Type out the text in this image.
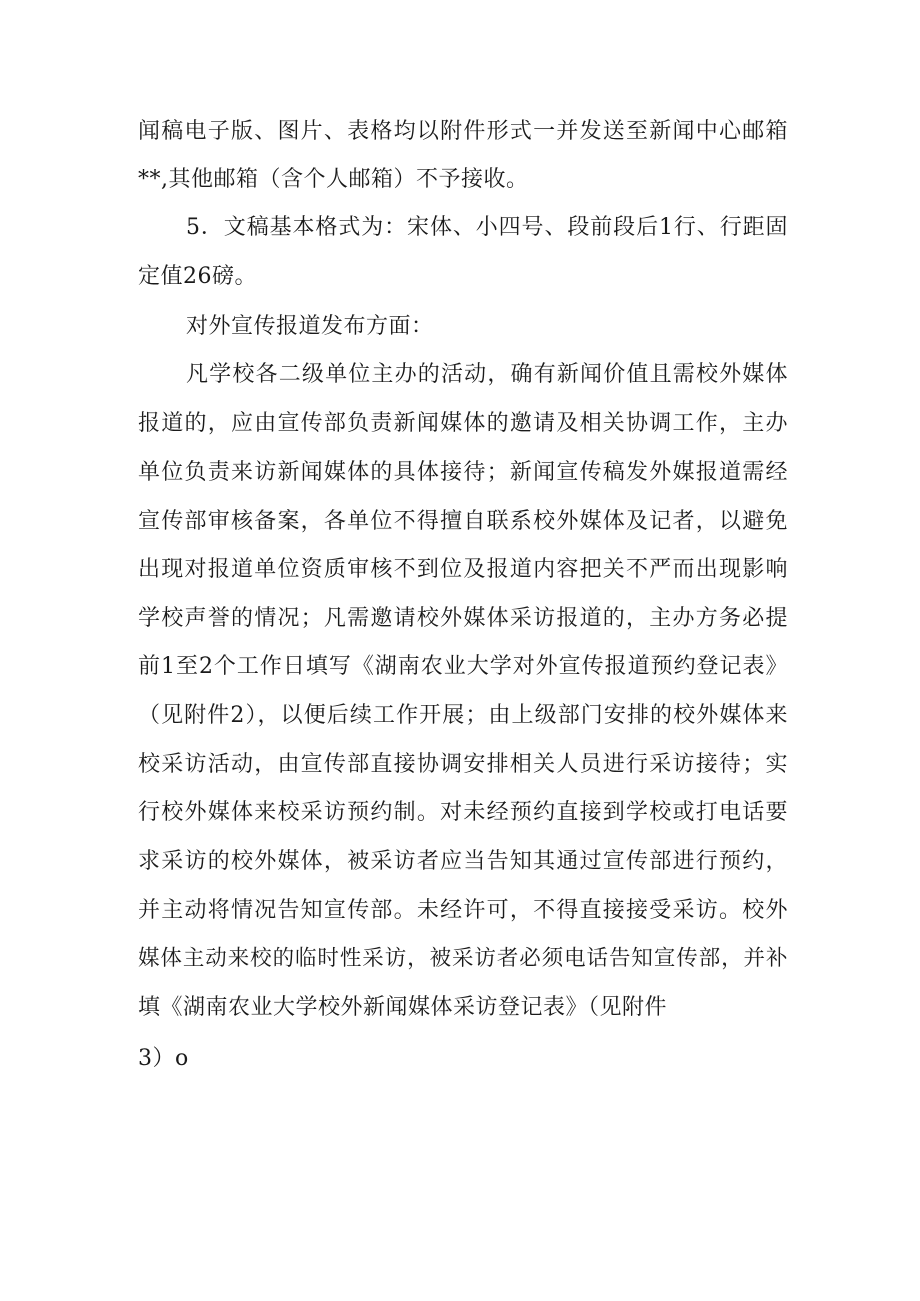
闻稿电子版、图片、表格均以附件形式一并发送至新闻中心邮箱
**,其他邮箱（含个人邮箱）不予接收。
5．文稿基本格式为：宋体、小四号、段前段后1行、行距固
定值26磅。
对外宣传报道发布方面：
凡学校各二级单位主办的活动，确有新闻价值且需校外媒体
报道的，应由宣传部负责新闻媒体的邀请及相关协调工作，主办
单位负责来访新闻媒体的具体接待；新闻宣传稿发外媒报道需经
宣传部审核备案，各单位不得擅自联系校外媒体及记者，以避免
出现对报道单位资质审核不到位及报道内容把关不严而出现影响
学校声誉的情况；凡需邀请校外媒体采访报道的，主办方务必提
前1至2个工作日填写《湖南农业大学对外宣传报道预约登记表》
（见附件2），以便后续工作开展；由上级部门安排的校外媒体来
校采访活动，由宣传部直接协调安排相关人员进行采访接待；实
行校外媒体来校采访预约制。对未经预约直接到学校或打电话要
求采访的校外媒体，被采访者应当告知其通过宣传部进行预约，
并主动将情况告知宣传部。未经许可，不得直接接受采访。校外
媒体主动来校的临时性采访，被采访者必须电话告知宣传部，并补
填《湖南农业大学校外新闻媒体采访登记表》（见附件
3）o
